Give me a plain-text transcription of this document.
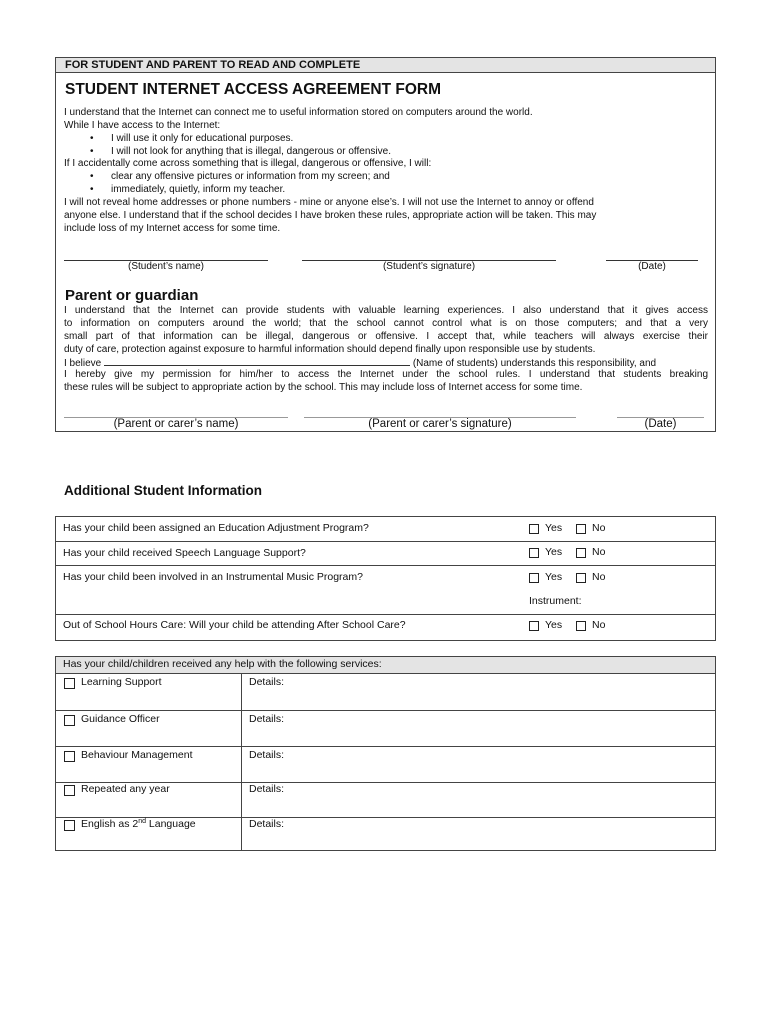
FOR STUDENT AND PARENT TO READ AND COMPLETE
STUDENT INTERNET ACCESS AGREEMENT FORM
I understand that the Internet can connect me to useful information stored on computers around the world.
While I have access to the Internet:
• I will use it only for educational purposes.
• I will not look for anything that is illegal, dangerous or offensive.
If I accidentally come across something that is illegal, dangerous or offensive, I will:
• clear any offensive pictures or information from my screen; and
• immediately, quietly, inform my teacher.
I will not reveal home addresses or phone numbers - mine or anyone else’s. I will not use the Internet to annoy or offend
anyone else. I understand that if the school decides I have broken these rules, appropriate action will be taken. This may
include loss of my Internet access for some time.
(Student’s name)	(Student’s signature)	(Date)
Parent or guardian
I understand that the Internet can provide students with valuable learning experiences. I also understand that it gives access
to information on computers around the world; that the school cannot control what is on those computers; and that a very
small part of that information can be illegal, dangerous or offensive. I accept that, while teachers will always exercise their
duty of care, protection against exposure to harmful information should depend finally upon responsible use by students.
I believe	(Name of students) understands this responsibility, and
I hereby give my permission for him/her to access the Internet under the school rules. I understand that students breaking
these rules will be subject to appropriate action by the school. This may include loss of Internet access for some time.
(Parent or carer’s name)	(Parent or carer’s signature)	(Date)
Additional Student Information
Has your child been assigned an Education Adjustment Program?	Yes	No
Has your child received Speech Language Support?	Yes	No
Has your child been involved in an Instrumental Music Program?	Yes	No
Instrument:
Out of School Hours Care: Will your child be attending After School Care?	Yes	No
Has your child/children received any help with the following services:
Learning Support	Details:
Guidance Officer	Details:
Behaviour Management	Details:
Repeated any year	Details:
English as 2nd Language	Details:
